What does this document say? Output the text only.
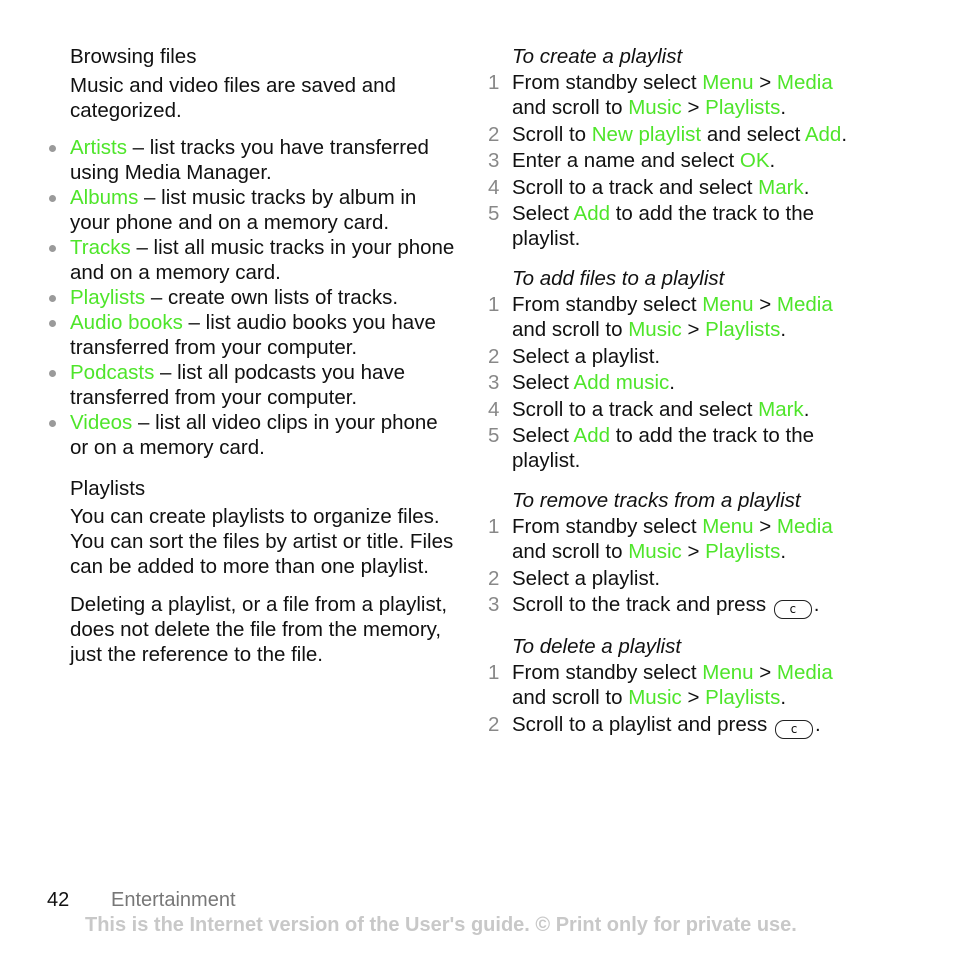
Browsing files

Music and video files are saved and categorized.

Artists – list tracks you have transferred using Media Manager.
Albums – list music tracks by album in your phone and on a memory card.
Tracks – list all music tracks in your phone and on a memory card.
Playlists – create own lists of tracks.
Audio books – list audio books you have transferred from your computer.
Podcasts – list all podcasts you have transferred from your computer.
Videos – list all video clips in your phone or on a memory card.

Playlists

You can create playlists to organize files. You can sort the files by artist or title. Files can be added to more than one playlist.

Deleting a playlist, or a file from a playlist, does not delete the file from the memory, just the reference to the file.

To create a playlist

1 From standby select Menu > Media
and scroll to Music > Playlists.
2 Scroll to New playlist and select Add.
3 Enter a name and select OK.
4 Scroll to a track and select Mark.
5 Select Add to add the track to the playlist.

To add files to a playlist

1 From standby select Menu > Media
and scroll to Music > Playlists.
2 Select a playlist.
3 Select Add music.
4 Scroll to a track and select Mark.
5 Select Add to add the track to the playlist.

To remove tracks from a playlist

1 From standby select Menu > Media
and scroll to Music > Playlists.
2 Select a playlist.
3 Scroll to the track and press c .

To delete a playlist

1 From standby select Menu > Media
and scroll to Music > Playlists.
2 Scroll to a playlist and press c .
42 Entertainment
This is the Internet version of the User's guide. © Print only for private use.
